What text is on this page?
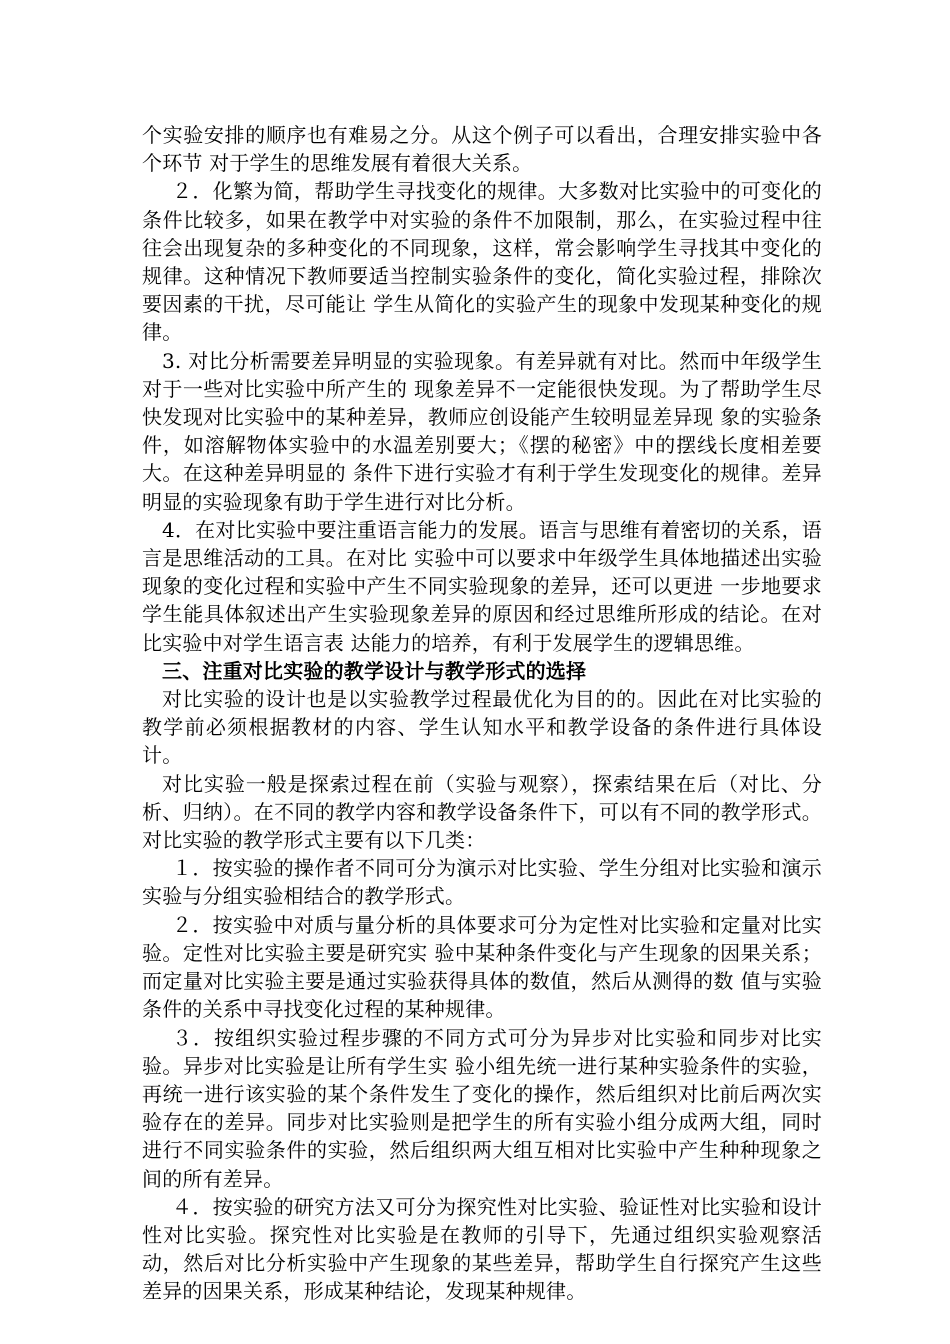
个实验安排的顺序也有难易之分。从这个例子可以看出，合理安排实验中各个环节 对于学生的思维发展有着很大关系。

２．化繁为简，帮助学生寻找变化的规律。大多数对比实验中的可变化的条件比较多，如果在教学中对实验的条件不加限制，那么，在实验过程中往往会出现复杂的多种变化的不同现象，这样，常会影响学生寻找其中变化的规律。这种情况下教师要适当控制实验条件的变化，简化实验过程，排除次要因素的干扰，尽可能让 学生从简化的实验产生的现象中发现某种变化的规律。

3. 对比分析需要差异明显的实验现象。有差异就有对比。然而中年级学生对于一些对比实验中所产生的 现象差异不一定能很快发现。为了帮助学生尽快发现对比实验中的某种差异，教师应创设能产生较明显差异现 象的实验条件，如溶解物体实验中的水温差别要大；《摆的秘密》中的摆线长度相差要大。在这种差异明显的 条件下进行实验才有利于学生发现变化的规律。差异明显的实验现象有助于学生进行对比分析。

4．在对比实验中要注重语言能力的发展。语言与思维有着密切的关系，语言是思维活动的工具。在对比 实验中可以要求中年级学生具体地描述出实验现象的变化过程和实验中产生不同实验现象的差异，还可以更进 一步地要求学生能具体叙述出产生实验现象差异的原因和经过思维所形成的结论。在对比实验中对学生语言表 达能力的培养，有利于发展学生的逻辑思维。

三、注重对比实验的教学设计与教学形式的选择

对比实验的设计也是以实验教学过程最优化为目的的。因此在对比实验的教学前必须根据教材的内容、学生认知水平和教学设备的条件进行具体设计。

对比实验一般是探索过程在前（实验与观察），探索结果在后（对比、分析、归纳）。在不同的教学内容和教学设备条件下，可以有不同的教学形式。对比实验的教学形式主要有以下几类：

１．按实验的操作者不同可分为演示对比实验、学生分组对比实验和演示实验与分组实验相结合的教学形式。

２．按实验中对质与量分析的具体要求可分为定性对比实验和定量对比实验。定性对比实验主要是研究实 验中某种条件变化与产生现象的因果关系；而定量对比实验主要是通过实验获得具体的数值，然后从测得的数 值与实验条件的关系中寻找变化过程的某种规律。

３．按组织实验过程步骤的不同方式可分为异步对比实验和同步对比实验。异步对比实验是让所有学生实 验小组先统一进行某种实验条件的实验，再统一进行该实验的某个条件发生了变化的操作，然后组织对比前后两次实验存在的差异。同步对比实验则是把学生的所有实验小组分成两大组，同时进行不同实验条件的实验，然后组织两大组互相对比实验中产生种种现象之间的所有差异。

４．按实验的研究方法又可分为探究性对比实验、验证性对比实验和设计性对比实验。探究性对比实验是在教师的引导下，先通过组织实验观察活动，然后对比分析实验中产生现象的某些差异，帮助学生自行探究产生这些差异的因果关系，形成某种结论，发现某种规律。
